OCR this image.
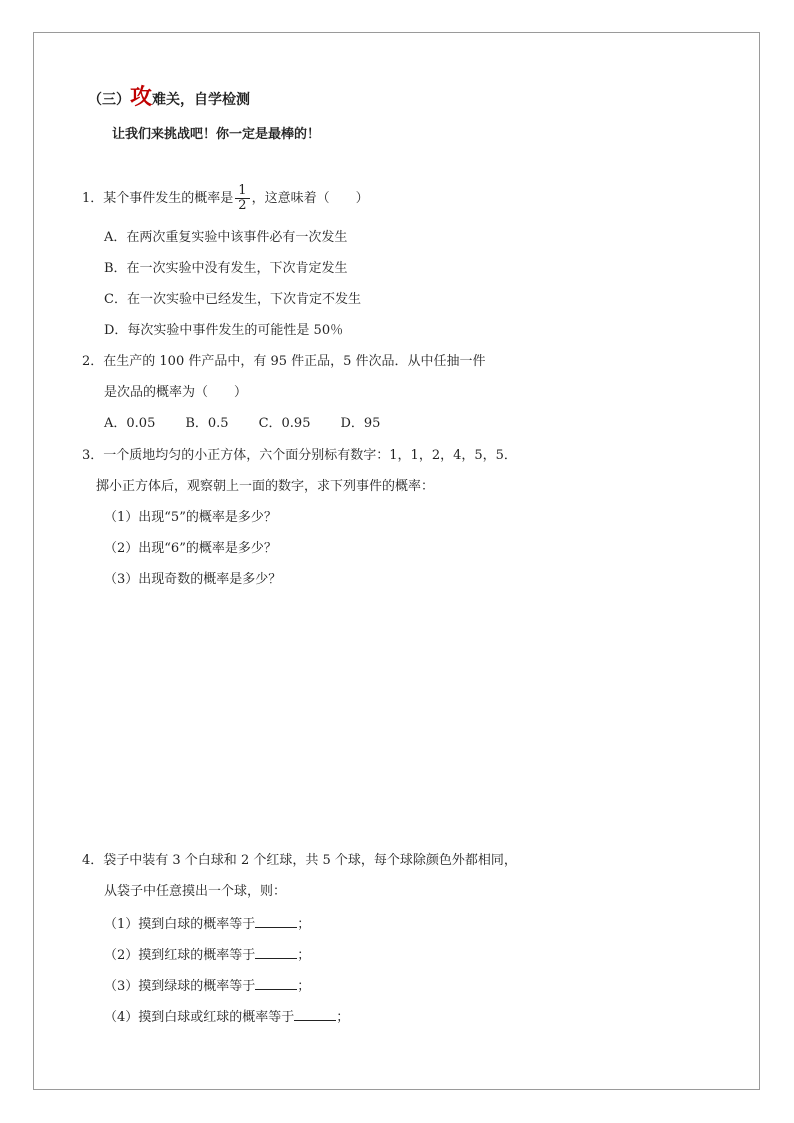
（三）攻难关，自学检测
让我们来挑战吧！你一定是最棒的！
1．某个事件发生的概率是 $\frac{1}{2}$ ，这意味着（　　）
A．在两次重复实验中该事件必有一次发生
B．在一次实验中没有发生，下次肯定发生
C．在一次实验中已经发生，下次肯定不发生
D．每次实验中事件发生的可能性是 50％
2．在生产的 100 件产品中，有 95 件正品，5 件次品．从中任抽一件
是次品的概率为（　　）
A．0.05 B．0.5 C．0.95 D．95
3．一个质地均匀的小正方体，六个面分别标有数字：1，1，2，4，5，5．
掷小正方体后，观察朝上一面的数字，求下列事件的概率：
（1）出现“5”的概率是多少？
（2）出现“6”的概率是多少？
（3）出现奇数的概率是多少？
4．袋子中装有 3 个白球和 2 个红球，共 5 个球，每个球除颜色外都相同，
从袋子中任意摸出一个球，则：
（1）摸到白球的概率等于	；
（2）摸到红球的概率等于	；
（3）摸到绿球的概率等于	；
（4）摸到白球或红球的概率等于	；
